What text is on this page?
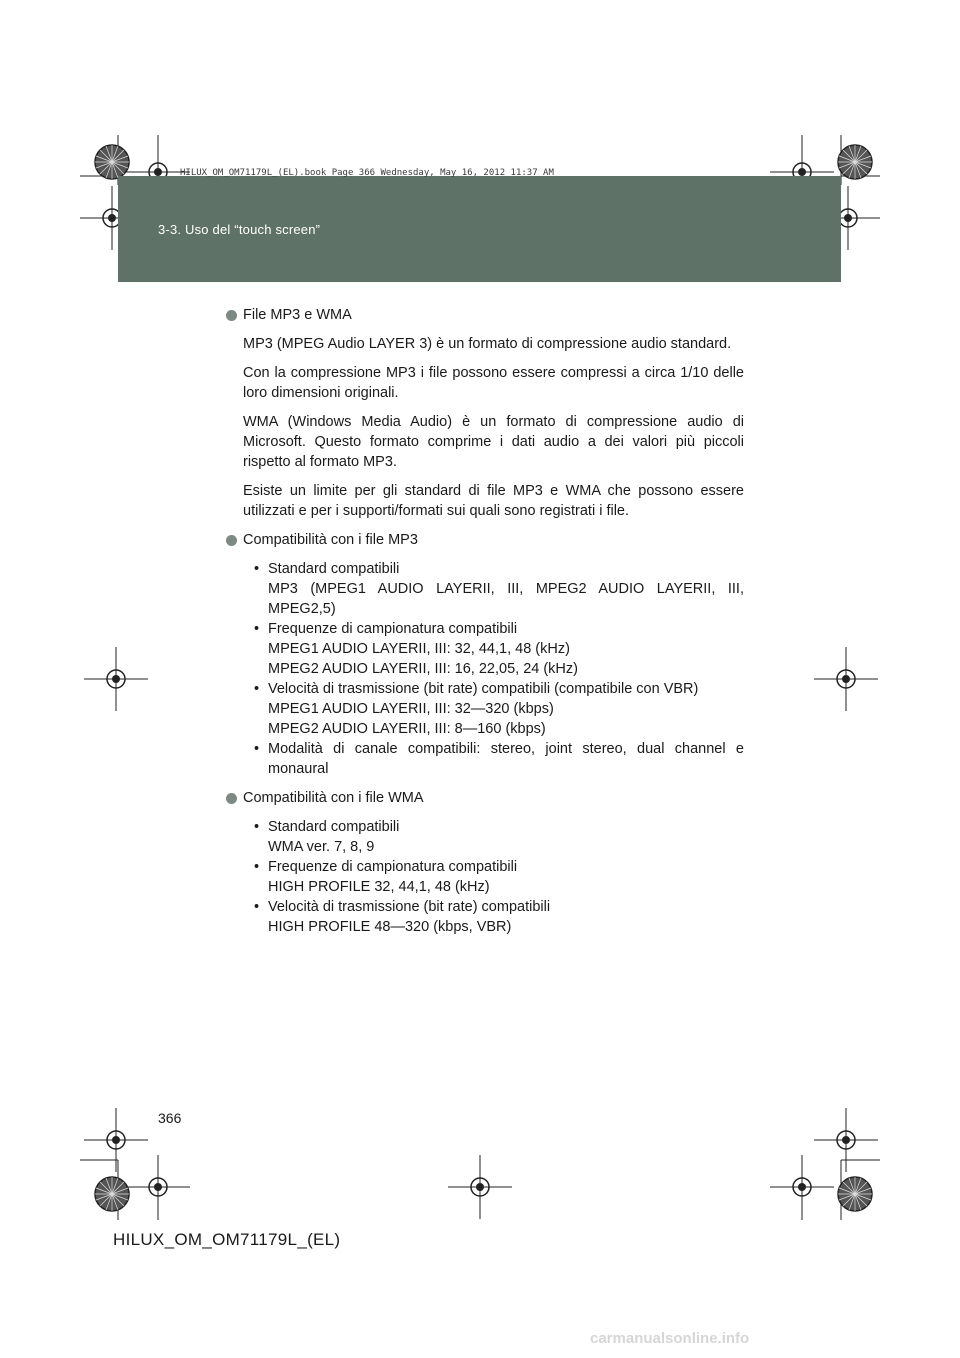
3-3. Uso del “touch screen”
HILUX_OM_OM71179L_(EL).book Page 366 Wednesday, May 16, 2012 11:37 AM
File MP3 e WMA
MP3 (MPEG Audio LAYER 3) è un formato di compressione audio standard.
Con la compressione MP3 i file possono essere compressi a circa 1/10 delle loro dimensioni originali.
WMA (Windows Media Audio) è un formato di compressione audio di Microsoft. Questo formato comprime i dati audio a dei valori più piccoli rispetto al formato MP3.
Esiste un limite per gli standard di file MP3 e WMA che possono essere utilizzati e per i supporti/formati sui quali sono registrati i file.
Compatibilità con i file MP3
• Standard compatibili
MP3 (MPEG1 AUDIO LAYERII, III, MPEG2 AUDIO LAYERII, III,
MPEG2,5)
• Frequenze di campionatura compatibili
MPEG1 AUDIO LAYERII, III: 32, 44,1, 48 (kHz)
MPEG2 AUDIO LAYERII, III: 16, 22,05, 24 (kHz)
• Velocità di trasmissione (bit rate) compatibili (compatibile con VBR)
MPEG1 AUDIO LAYERII, III: 32—320 (kbps)
MPEG2 AUDIO LAYERII, III: 8—160 (kbps)
• Modalità di canale compatibili: stereo, joint stereo, dual channel e monaural
Compatibilità con i file WMA
• Standard compatibili
WMA ver. 7, 8, 9
• Frequenze di campionatura compatibili
HIGH PROFILE 32, 44,1, 48 (kHz)
• Velocità di trasmissione (bit rate) compatibili
HIGH PROFILE 48—320 (kbps, VBR)
366
HILUX_OM_OM71179L_(EL)
carmanualsonline.info
